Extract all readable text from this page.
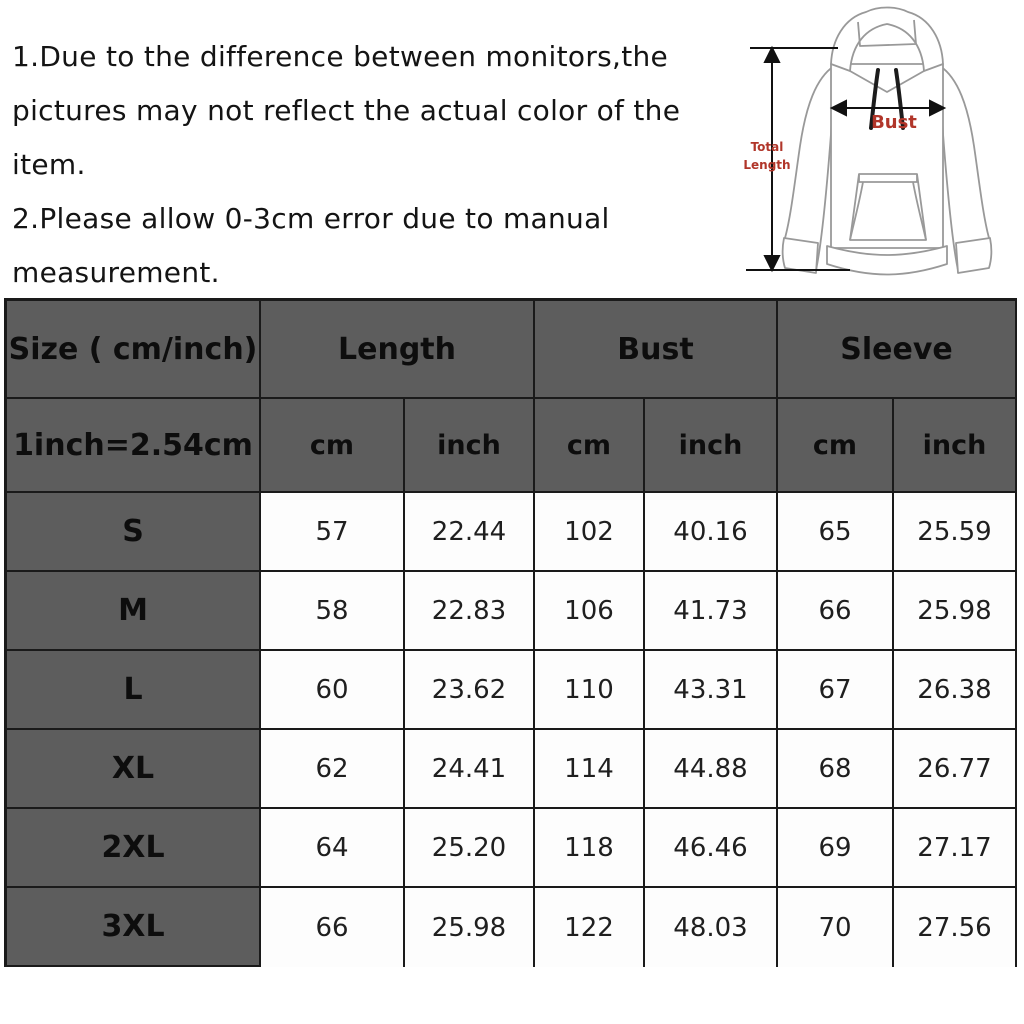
1.Due to the difference between monitors,the
pictures may not reflect the actual color of the
item.
2.Please allow 0-3cm error due to manual
measurement.
Bust
Total Length
Size ( cm/inch)	Length		Bust		Sleeve	
1inch=2.54cm	cm	inch	cm	inch	cm	inch
S	57	22.44	102	40.16	65	25.59
M	58	22.83	106	41.73	66	25.98
L	60	23.62	110	43.31	67	26.38
XL	62	24.41	114	44.88	68	26.77
2XL	64	25.20	118	46.46	69	27.17
3XL	66	25.98	122	48.03	70	27.56
